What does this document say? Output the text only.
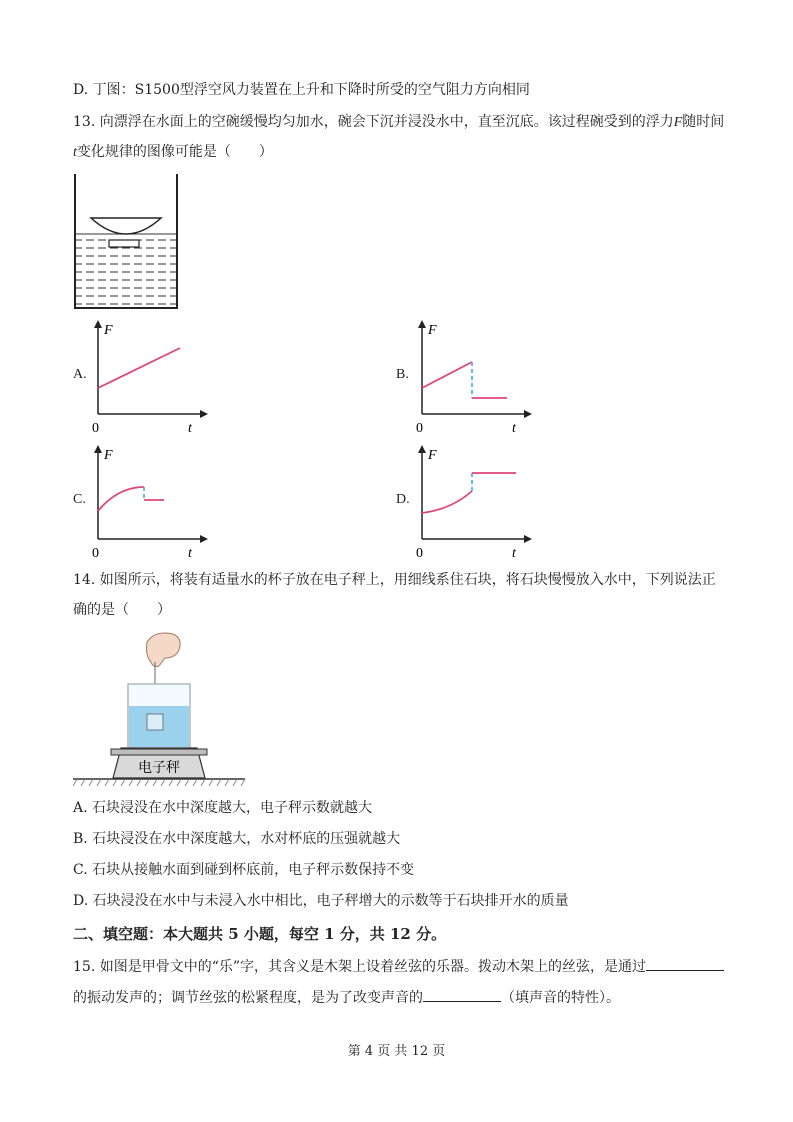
D. 丁图：S1500型浮空风力装置在上升和下降时所受的空气阻力方向相同
13. 向漂浮在水面上的空碗缓慢均匀加水，碗会下沉并浸没水中，直至沉底。该过程碗受到的浮力F随时间
t变化规律的图像可能是（　　）
A.	B.
C.	D.
F
t
0
F
t
0
F
t
0
F
t
0
14. 如图所示，将装有适量水的杯子放在电子秤上，用细线系住石块，将石块慢慢放入水中，下列说法正
确的是（　　）
电子秤
A. 石块浸没在水中深度越大，电子秤示数就越大
B. 石块浸没在水中深度越大，水对杯底的压强就越大
C. 石块从接触水面到碰到杯底前，电子秤示数保持不变
D. 石块浸没在水中与未浸入水中相比，电子秤增大的示数等于石块排开水的质量
二、填空题：本大题共 5 小题，每空 1 分，共 12 分。
15. 如图是甲骨文中的“乐”字，其含义是木架上设着丝弦的乐器。拨动木架上的丝弦，是通过
的振动发声的；调节丝弦的松紧程度，是为了改变声音的	（填声音的特性）。
第 4 页 共 12 页
